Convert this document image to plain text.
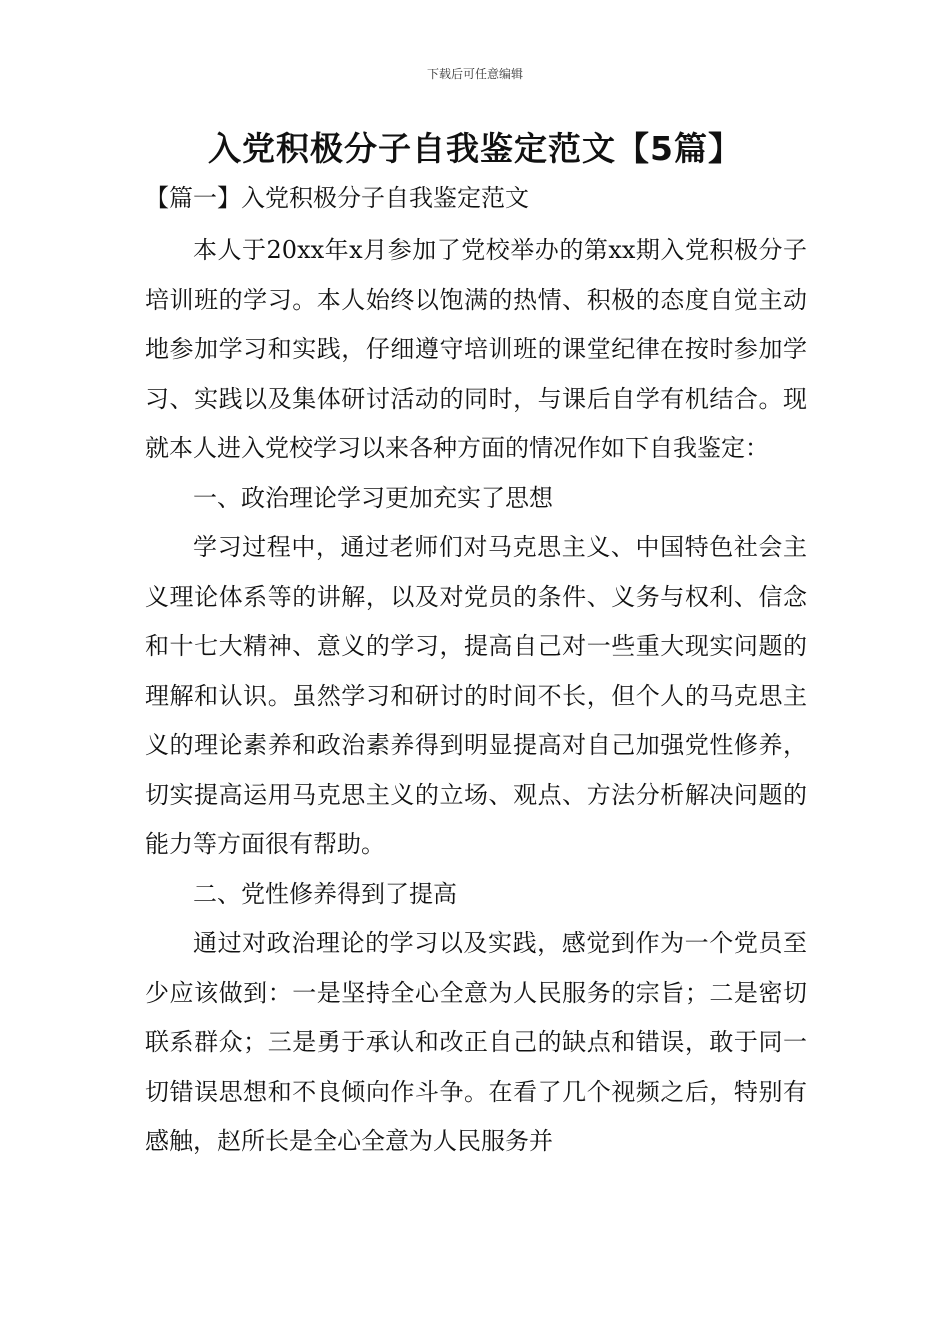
下载后可任意编辑
入党积极分子自我鉴定范文【5篇】
【篇一】入党积极分子自我鉴定范文

本人于20xx年x月参加了党校举办的第xx期入党积极分子培训班的学习。本人始终以饱满的热情、积极的态度自觉主动地参加学习和实践，仔细遵守培训班的课堂纪律在按时参加学习、实践以及集体研讨活动的同时，与课后自学有机结合。现就本人进入党校学习以来各种方面的情况作如下自我鉴定：

一、政治理论学习更加充实了思想

学习过程中，通过老师们对马克思主义、中国特色社会主义理论体系等的讲解，以及对党员的条件、义务与权利、信念和十七大精神、意义的学习，提高自己对一些重大现实问题的理解和认识。虽然学习和研讨的时间不长，但个人的马克思主义的理论素养和政治素养得到明显提高对自己加强党性修养，切实提高运用马克思主义的立场、观点、方法分析解决问题的能力等方面很有帮助。

二、党性修养得到了提高

通过对政治理论的学习以及实践，感觉到作为一个党员至少应该做到：一是坚持全心全意为人民服务的宗旨；二是密切联系群众；三是勇于承认和改正自己的缺点和错误，敢于同一切错误思想和不良倾向作斗争。在看了几个视频之后，特别有感触，赵所长是全心全意为人民服务并
